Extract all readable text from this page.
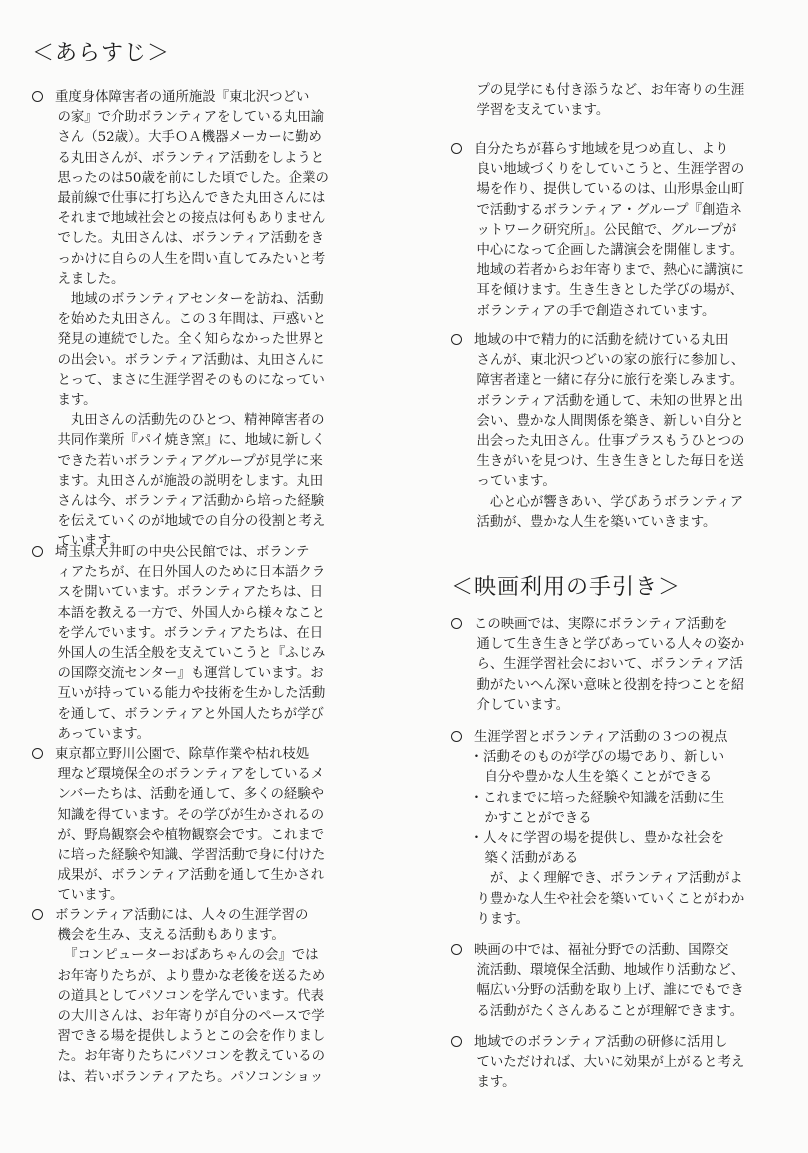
＜あらすじ＞
重度身体障害者の通所施設『東北沢つどい
の家』で介助ボランティアをしている丸田諭
さん（52歳）。大手ＯＡ機器メーカーに勤め
る丸田さんが、ボランティア活動をしようと
思ったのは50歳を前にした頃でした。企業の
最前線で仕事に打ち込んできた丸田さんには
それまで地域社会との接点は何もありません
でした。丸田さんは、ボランティア活動をき
っかけに自らの人生を問い直してみたいと考
えました。
　地域のボランティアセンターを訪ね、活動
を始めた丸田さん。この３年間は、戸惑いと
発見の連続でした。全く知らなかった世界と
の出会い。ボランティア活動は、丸田さんに
とって、まさに生涯学習そのものになってい
ます。
　丸田さんの活動先のひとつ、精神障害者の
共同作業所『パイ焼き窯』に、地域に新しく
できた若いボランティアグループが見学に来
ます。丸田さんが施設の説明をします。丸田
さんは今、ボランティア活動から培った経験
を伝えていくのが地域での自分の役割と考え
ています。
埼玉県大井町の中央公民館では、ボランテ
ィアたちが、在日外国人のために日本語クラ
スを開いています。ボランティアたちは、日
本語を教える一方で、外国人から様々なこと
を学んでいます。ボランティアたちは、在日
外国人の生活全般を支えていこうと『ふじみ
の国際交流センター』も運営しています。お
互いが持っている能力や技術を生かした活動
を通して、ボランティアと外国人たちが学び
あっています。
東京都立野川公園で、除草作業や枯れ枝処
理など環境保全のボランティアをしているメ
ンバーたちは、活動を通して、多くの経験や
知識を得ています。その学びが生かされるの
が、野鳥観察会や植物観察会です。これまで
に培った経験や知識、学習活動で身に付けた
成果が、ボランティア活動を通して生かされ
ています。
ボランティア活動には、人々の生涯学習の
機会を生み、支える活動もあります。
　『コンピューターおばあちゃんの会』では
お年寄りたちが、より豊かな老後を送るため
の道具としてパソコンを学んでいます。代表
の大川さんは、お年寄りが自分のペースで学
習できる場を提供しようとこの会を作りまし
た。お年寄りたちにパソコンを教えているの
は、若いボランティアたち。パソコンショッ
プの見学にも付き添うなど、お年寄りの生涯
学習を支えています。
自分たちが暮らす地域を見つめ直し、より
良い地域づくりをしていこうと、生涯学習の
場を作り、提供しているのは、山形県金山町
で活動するボランティア・グループ『創造ネ
ットワーク研究所』。公民館で、グループが
中心になって企画した講演会を開催します。
地域の若者からお年寄りまで、熱心に講演に
耳を傾けます。生き生きとした学びの場が、
ボランティアの手で創造されています。
地域の中で精力的に活動を続けている丸田
さんが、東北沢つどいの家の旅行に参加し、
障害者達と一緒に存分に旅行を楽しみます。
ボランティア活動を通して、未知の世界と出
会い、豊かな人間関係を築き、新しい自分と
出会った丸田さん。仕事プラスもうひとつの
生きがいを見つけ、生き生きとした毎日を送
っています。
　心と心が響きあい、学びあうボランティア
活動が、豊かな人生を築いていきます。
＜映画利用の手引き＞
この映画では、実際にボランティア活動を
通して生き生きと学びあっている人々の姿か
ら、生涯学習社会において、ボランティア活
動がたいへん深い意味と役割を持つことを紹
介しています。
生涯学習とボランティア活動の３つの視点
・活動そのものが学びの場であり、新しい
自分や豊かな人生を築くことができる
・これまでに培った経験や知識を活動に生
かすことができる
・人々に学習の場を提供し、豊かな社会を
築く活動がある
　が、よく理解でき、ボランティア活動がよ
り豊かな人生や社会を築いていくことがわか
ります。
映画の中では、福祉分野での活動、国際交
流活動、環境保全活動、地域作り活動など、
幅広い分野の活動を取り上げ、誰にでもでき
る活動がたくさんあることが理解できます。
地域でのボランティア活動の研修に活用し
ていただければ、大いに効果が上がると考え
ます。
